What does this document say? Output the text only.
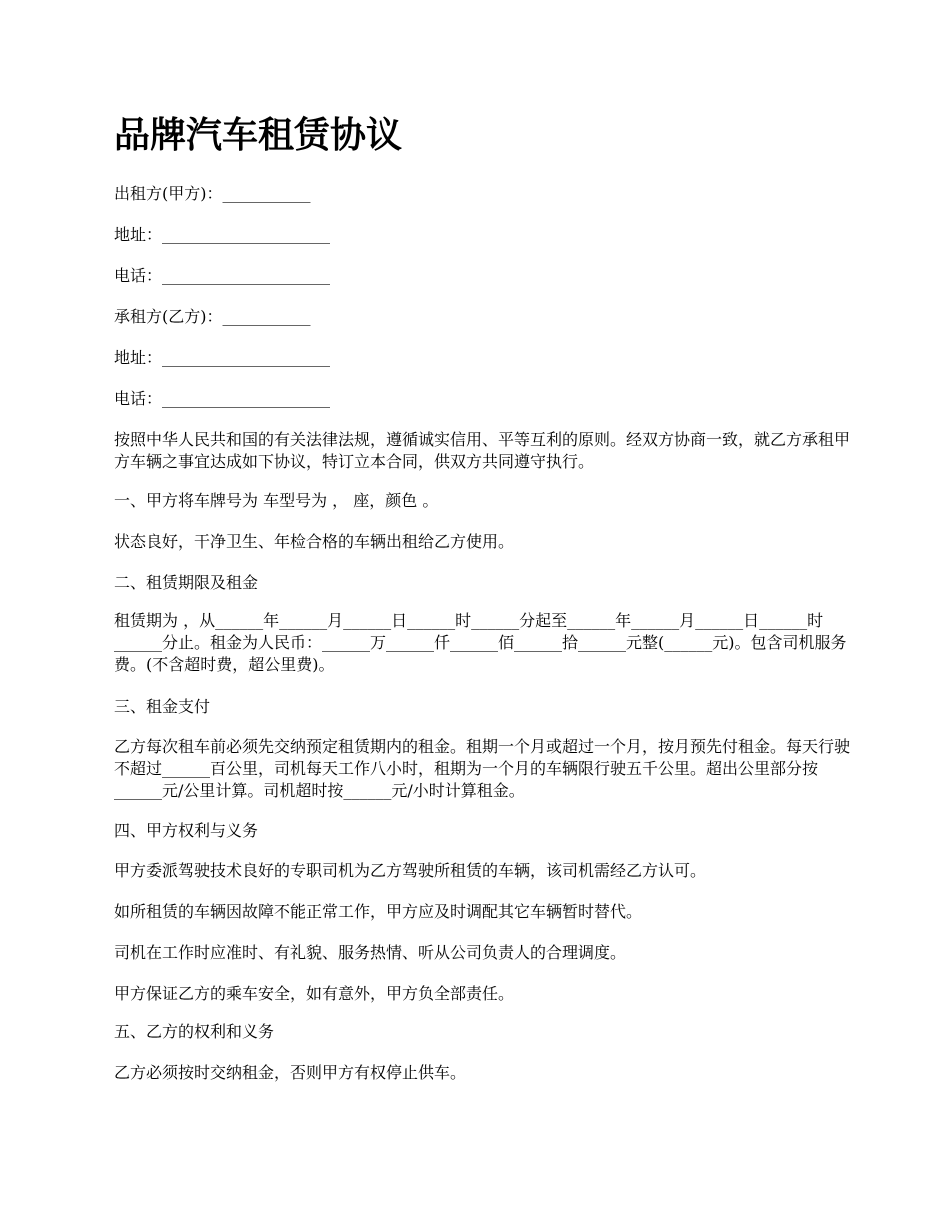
品牌汽车租赁协议

出租方(甲方)：___________

地址：_____________________

电话：_____________________

承租方(乙方)：___________

地址：_____________________

电话：_____________________

按照中华人民共和国的有关法律法规，遵循诚实信用、平等互利的原则。经双方协商一致，就乙方承租甲方车辆之事宜达成如下协议，特订立本合同，供双方共同遵守执行。

一、甲方将车牌号为 车型号为 ， 座，颜色 。

状态良好，干净卫生、年检合格的车辆出租给乙方使用。

二、租赁期限及租金

租赁期为 ，从______年______月______日______时______分起至______年______月______日______时______分止。租金为人民币：______万______仟______佰______拾______元整(______元)。包含司机服务费。(不含超时费，超公里费)。

三、租金支付

乙方每次租车前必须先交纳预定租赁期内的租金。租期一个月或超过一个月，按月预先付租金。每天行驶不超过______百公里，司机每天工作八小时，租期为一个月的车辆限行驶五千公里。超出公里部分按______元/公里计算。司机超时按______元/小时计算租金。

四、甲方权利与义务

甲方委派驾驶技术良好的专职司机为乙方驾驶所租赁的车辆，该司机需经乙方认可。

如所租赁的车辆因故障不能正常工作，甲方应及时调配其它车辆暂时替代。

司机在工作时应准时、有礼貌、服务热情、听从公司负责人的合理调度。

甲方保证乙方的乘车安全，如有意外，甲方负全部责任。

五、乙方的权利和义务

乙方必须按时交纳租金，否则甲方有权停止供车。
